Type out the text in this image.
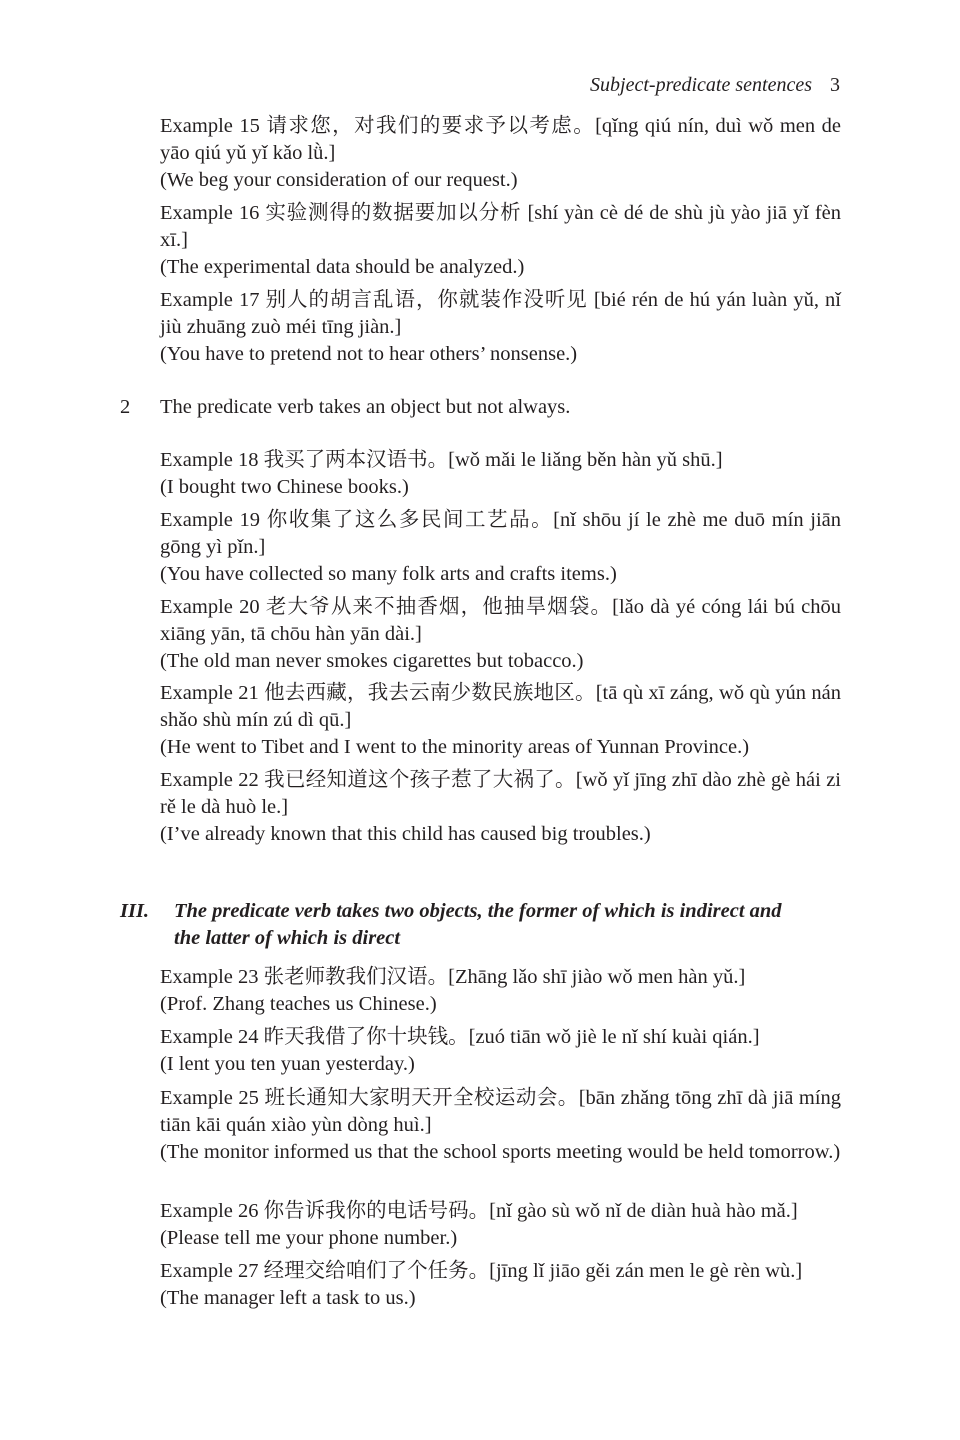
Subject-predicate sentences 3

Example 15 请求您，对我们的要求予以考虑。[qǐng qiú nín, duì wǒ men de yāo qiú yǔ yǐ kǎo lǜ.]

(We beg your consideration of our request.)

Example 16 实验测得的数据要加以分析 [shí yàn cè dé de shù jù yào jiā yǐ fèn xī.]

(The experimental data should be analyzed.)

Example 17 别人的胡言乱语，你就装作没听见 [bié rén de hú yán luàn yǔ, nǐ jiù zhuāng zuò méi tīng jiàn.]

(You have to pretend not to hear others’ nonsense.)

2 The predicate verb takes an object but not always.

Example 18 我买了两本汉语书。[wǒ mǎi le liǎng běn hàn yǔ shū.]

(I bought two Chinese books.)

Example 19 你收集了这么多民间工艺品。[nǐ shōu jí le zhè me duō mín jiān gōng yì pǐn.]

(You have collected so many folk arts and crafts items.)

Example 20 老大爷从来不抽香烟，他抽旱烟袋。[lǎo dà yé cóng lái bú chōu xiāng yān, tā chōu hàn yān dài.]

(The old man never smokes cigarettes but tobacco.)

Example 21 他去西藏，我去云南少数民族地区。[tā qù xī záng, wǒ qù yún nán shǎo shù mín zú dì qū.]

(He went to Tibet and I went to the minority areas of Yunnan Province.)

Example 22 我已经知道这个孩子惹了大祸了。[wǒ yǐ jīng zhī dào zhè gè hái zi rě le dà huò le.]

(I’ve already known that this child has caused big troubles.)

III. The predicate verb takes two objects, the former of which is indirect and the latter of which is direct

Example 23 张老师教我们汉语。[Zhāng lǎo shī jiào wǒ men hàn yǔ.]

(Prof. Zhang teaches us Chinese.)

Example 24 昨天我借了你十块钱。[zuó tiān wǒ jiè le nǐ shí kuài qián.]

(I lent you ten yuan yesterday.)

Example 25 班长通知大家明天开全校运动会。[bān zhǎng tōng zhī dà jiā míng tiān kāi quán xiào yùn dòng huì.]

(The monitor informed us that the school sports meeting would be held tomorrow.)

Example 26 你告诉我你的电话号码。[nǐ gào sù wǒ nǐ de diàn huà hào mǎ.]

(Please tell me your phone number.)

Example 27 经理交给咱们了个任务。[jīng lǐ jiāo gěi zán men le gè rèn wù.]

(The manager left a task to us.)
